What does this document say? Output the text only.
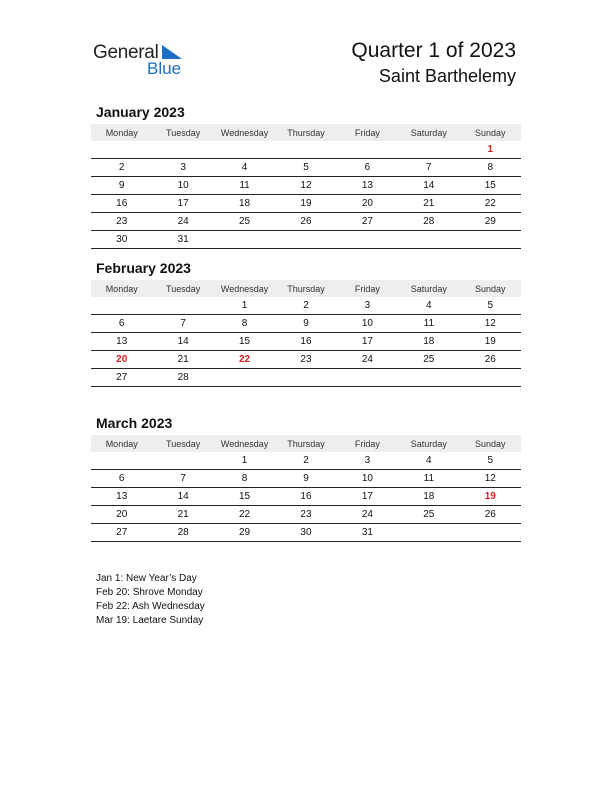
General
Blue
Quarter 1 of 2023
Saint Barthelemy
January 2023
Monday	Tuesday	Wednesday	Thursday	Friday	Saturday	Sunday
						1
2	3	4	5	6	7	8
9	10	11	12	13	14	15
16	17	18	19	20	21	22
23	24	25	26	27	28	29
30	31					
February 2023
Monday	Tuesday	Wednesday	Thursday	Friday	Saturday	Sunday
		1	2	3	4	5
6	7	8	9	10	11	12
13	14	15	16	17	18	19
20	21	22	23	24	25	26
27	28					
March 2023
Monday	Tuesday	Wednesday	Thursday	Friday	Saturday	Sunday
		1	2	3	4	5
6	7	8	9	10	11	12
13	14	15	16	17	18	19
20	21	22	23	24	25	26
27	28	29	30	31		
Jan 1: New Year’s Day
Feb 20: Shrove Monday
Feb 22: Ash Wednesday
Mar 19: Laetare Sunday
